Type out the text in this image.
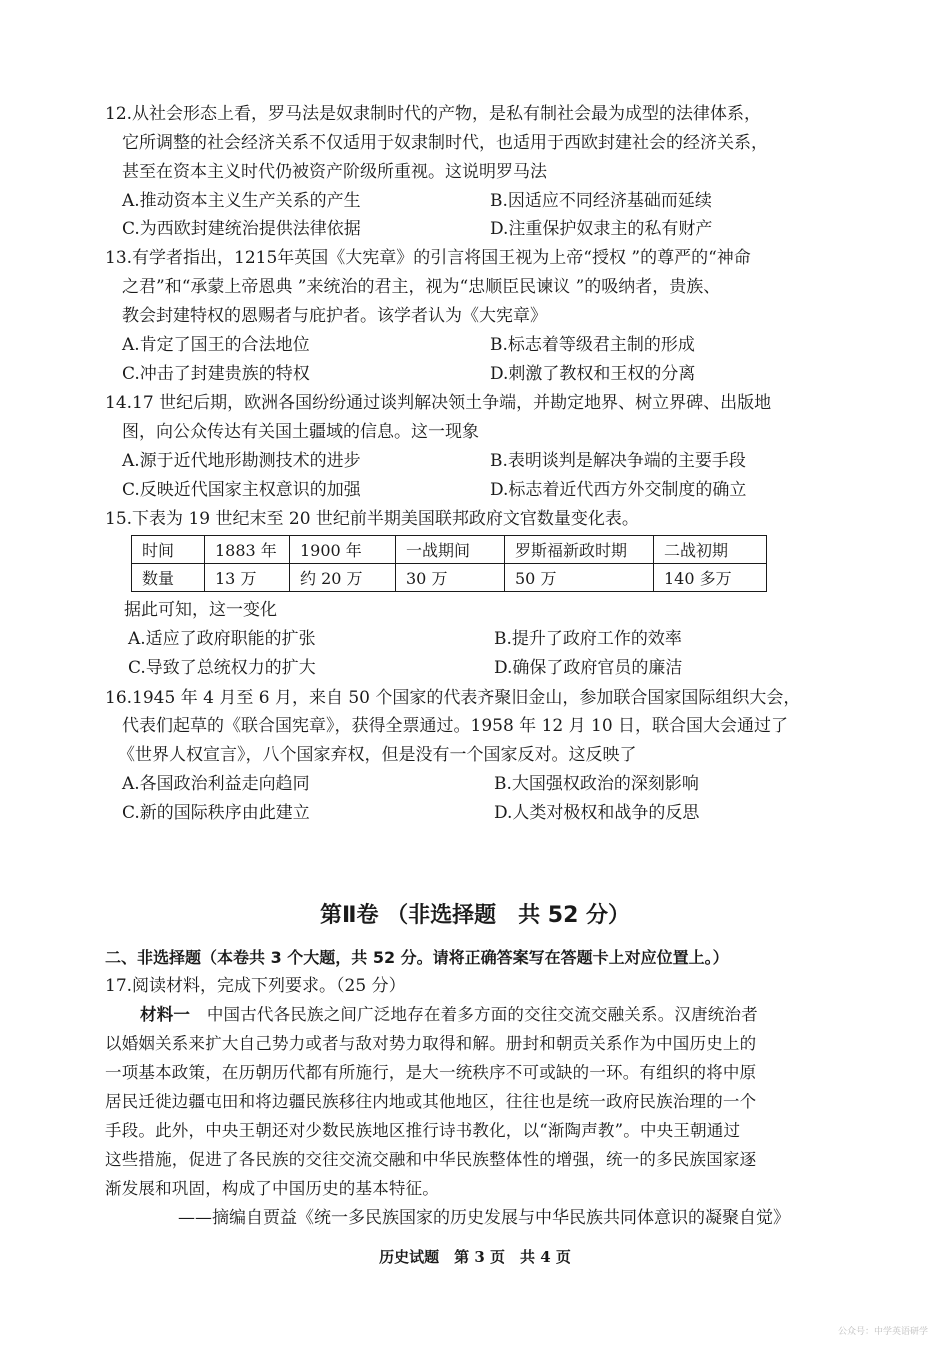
12.从社会形态上看，罗马法是奴隶制时代的产物，是私有制社会最为成型的法律体系，
它所调整的社会经济关系不仅适用于奴隶制时代，也适用于西欧封建社会的经济关系，
甚至在资本主义时代仍被资产阶级所重视。这说明罗马法
A.推动资本主义生产关系的产生	B.因适应不同经济基础而延续
C.为西欧封建统治提供法律依据	D.注重保护奴隶主的私有财产
13.有学者指出，1215年英国《大宪章》的引言将国王视为上帝“授权 ”的尊严的“神命
之君”和“承蒙上帝恩典 ”来统治的君主，视为“忠顺臣民谏议 ”的吸纳者，贵族、
教会封建特权的恩赐者与庇护者。该学者认为《大宪章》
A.肯定了国王的合法地位	B.标志着等级君主制的形成
C.冲击了封建贵族的特权	D.刺激了教权和王权的分离
14.17 世纪后期，欧洲各国纷纷通过谈判解决领土争端，并勘定地界、树立界碑、出版地
图，向公众传达有关国土疆域的信息。这一现象
A.源于近代地形勘测技术的进步	B.表明谈判是解决争端的主要手段
C.反映近代国家主权意识的加强	D.标志着近代西方外交制度的确立
15.下表为 19 世纪末至 20 世纪前半期美国联邦政府文官数量变化表。
时间	1883 年	1900 年	一战期间	罗斯福新政时期	二战初期
数量	13 万	约 20 万	30 万	50 万	140 多万
据此可知，这一变化
A.适应了政府职能的扩张	B.提升了政府工作的效率
C.导致了总统权力的扩大	D.确保了政府官员的廉洁
16.1945 年 4 月至 6 月，来自 50 个国家的代表齐聚旧金山，参加联合国家国际组织大会，
代表们起草的《联合国宪章》，获得全票通过。1958 年 12 月 10 日，联合国大会通过了
《世界人权宣言》，八个国家弃权，但是没有一个国家反对。这反映了
A.各国政治利益走向趋同	B.大国强权政治的深刻影响
C.新的国际秩序由此建立	D.人类对极权和战争的反思
第Ⅱ卷 （非选择题　共 52 分）
二、非选择题（本卷共 3 个大题，共 52 分。请将正确答案写在答题卡上对应位置上。）
17.阅读材料，完成下列要求。（25 分）
材料一　 中国古代各民族之间广泛地存在着多方面的交往交流交融关系。汉唐统治者
以婚姻关系来扩大自己势力或者与敌对势力取得和解。册封和朝贡关系作为中国历史上的
一项基本政策，在历朝历代都有所施行，是大一统秩序不可或缺的一环。有组织的将中原
居民迁徙边疆屯田和将边疆民族移往内地或其他地区，往往也是统一政府民族治理的一个
手段。此外，中央王朝还对少数民族地区推行诗书教化，以“渐陶声教”。中央王朝通过
这些措施，促进了各民族的交往交流交融和中华民族整体性的增强，统一的多民族国家逐
渐发展和巩固，构成了中国历史的基本特征。
——摘编自贾益《统一多民族国家的历史发展与中华民族共同体意识的凝聚自觉》
历史试题　第 3 页　共 4 页
公众号：中学英语研学
